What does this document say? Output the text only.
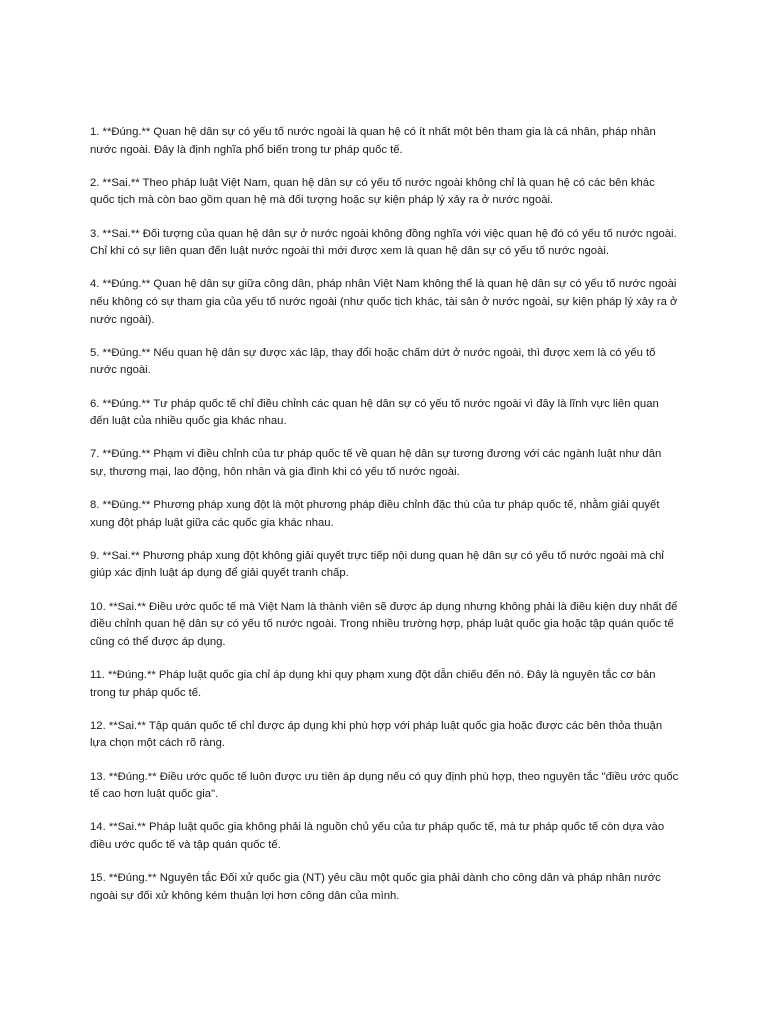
1. **Đúng.** Quan hệ dân sự có yếu tố nước ngoài là quan hệ có ít nhất một bên tham gia là cá nhân, pháp nhân nước ngoài. Đây là định nghĩa phổ biến trong tư pháp quốc tế.

2. **Sai.** Theo pháp luật Việt Nam, quan hệ dân sự có yếu tố nước ngoài không chỉ là quan hệ có các bên khác quốc tịch mà còn bao gồm quan hệ mà đối tượng hoặc sự kiện pháp lý xảy ra ở nước ngoài.

3. **Sai.** Đối tượng của quan hệ dân sự ở nước ngoài không đồng nghĩa với việc quan hệ đó có yếu tố nước ngoài. Chỉ khi có sự liên quan đến luật nước ngoài thì mới được xem là quan hệ dân sự có yếu tố nước ngoài.

4. **Đúng.** Quan hệ dân sự giữa công dân, pháp nhân Việt Nam không thể là quan hệ dân sự có yếu tố nước ngoài nếu không có sự tham gia của yếu tố nước ngoài (như quốc tịch khác, tài sản ở nước ngoài, sự kiện pháp lý xảy ra ở nước ngoài).

5. **Đúng.** Nếu quan hệ dân sự được xác lập, thay đổi hoặc chấm dứt ở nước ngoài, thì được xem là có yếu tố nước ngoài.

6. **Đúng.** Tư pháp quốc tế chỉ điều chỉnh các quan hệ dân sự có yếu tố nước ngoài vì đây là lĩnh vực liên quan đến luật của nhiều quốc gia khác nhau.

7. **Đúng.** Phạm vi điều chỉnh của tư pháp quốc tế về quan hệ dân sự tương đương với các ngành luật như dân sự, thương mại, lao động, hôn nhân và gia đình khi có yếu tố nước ngoài.

8. **Đúng.** Phương pháp xung đột là một phương pháp điều chỉnh đặc thù của tư pháp quốc tế, nhằm giải quyết xung đột pháp luật giữa các quốc gia khác nhau.

9. **Sai.** Phương pháp xung đột không giải quyết trực tiếp nội dung quan hệ dân sự có yếu tố nước ngoài mà chỉ giúp xác định luật áp dụng để giải quyết tranh chấp.

10. **Sai.** Điều ước quốc tế mà Việt Nam là thành viên sẽ được áp dụng nhưng không phải là điều kiện duy nhất để điều chỉnh quan hệ dân sự có yếu tố nước ngoài. Trong nhiều trường hợp, pháp luật quốc gia hoặc tập quán quốc tế cũng có thể được áp dụng.

11. **Đúng.** Pháp luật quốc gia chỉ áp dụng khi quy phạm xung đột dẫn chiếu đến nó. Đây là nguyên tắc cơ bản trong tư pháp quốc tế.

12. **Sai.** Tập quán quốc tế chỉ được áp dụng khi phù hợp với pháp luật quốc gia hoặc được các bên thỏa thuận lựa chọn một cách rõ ràng.

13. **Đúng.** Điều ước quốc tế luôn được ưu tiên áp dụng nếu có quy định phù hợp, theo nguyên tắc "điều ước quốc tế cao hơn luật quốc gia".

14. **Sai.** Pháp luật quốc gia không phải là nguồn chủ yếu của tư pháp quốc tế, mà tư pháp quốc tế còn dựa vào điều ước quốc tế và tập quán quốc tế.

15. **Đúng.** Nguyên tắc Đối xử quốc gia (NT) yêu cầu một quốc gia phải dành cho công dân và pháp nhân nước ngoài sự đối xử không kém thuận lợi hơn công dân của mình.
